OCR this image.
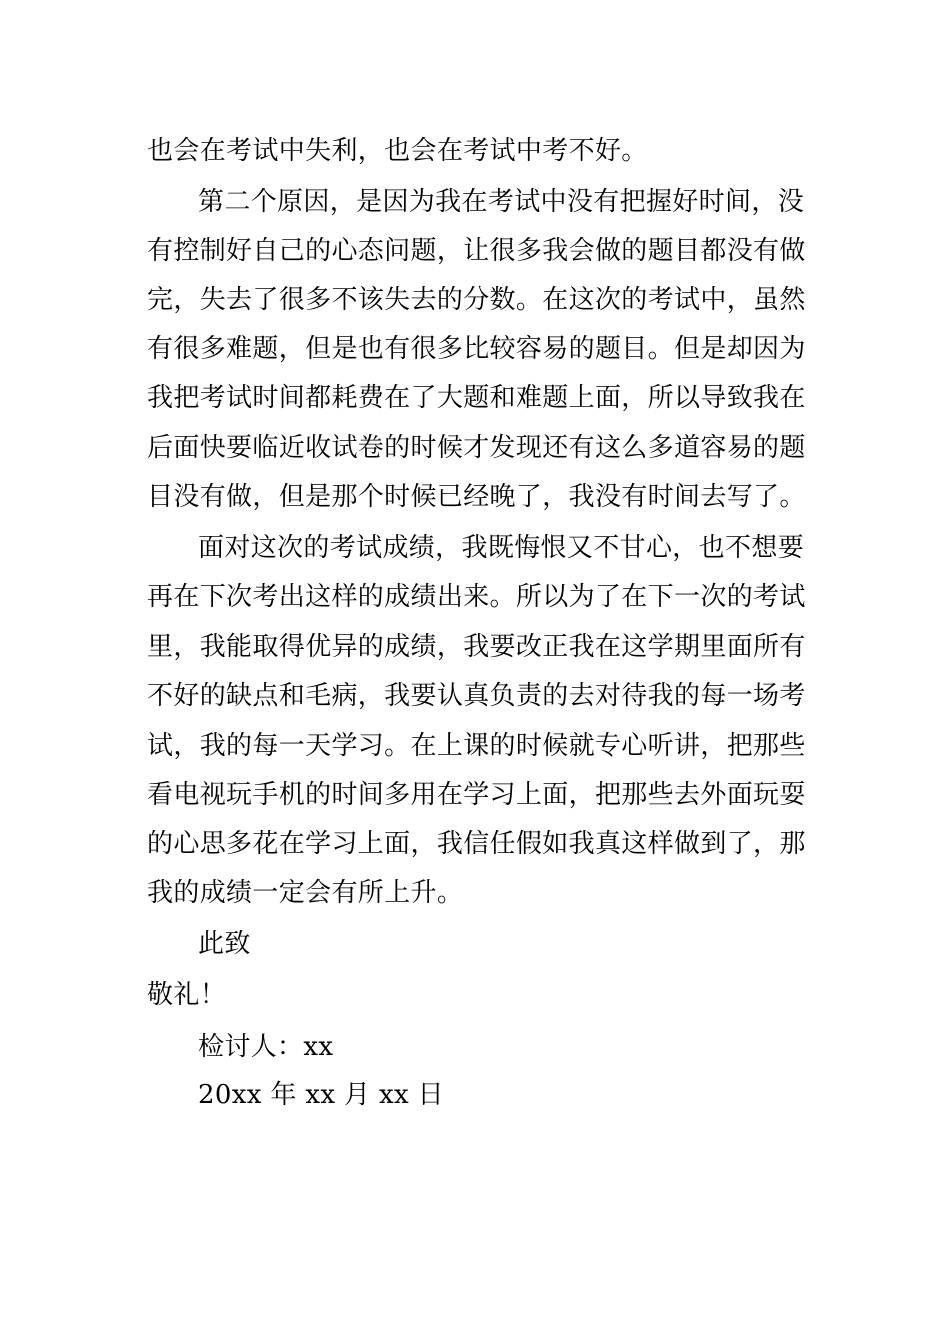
也会在考试中失利，也会在考试中考不好。
第二个原因，是因为我在考试中没有把握好时间，没
有控制好自己的心态问题，让很多我会做的题目都没有做
完，失去了很多不该失去的分数。在这次的考试中，虽然
有很多难题，但是也有很多比较容易的题目。但是却因为
我把考试时间都耗费在了大题和难题上面，所以导致我在
后面快要临近收试卷的时候才发现还有这么多道容易的题
目没有做，但是那个时候已经晚了，我没有时间去写了。
面对这次的考试成绩，我既悔恨又不甘心，也不想要
再在下次考出这样的成绩出来。所以为了在下一次的考试
里，我能取得优异的成绩，我要改正我在这学期里面所有
不好的缺点和毛病，我要认真负责的去对待我的每一场考
试，我的每一天学习。在上课的时候就专心听讲，把那些
看电视玩手机的时间多用在学习上面，把那些去外面玩耍
的心思多花在学习上面，我信任假如我真这样做到了，那
我的成绩一定会有所上升。
此致
敬礼！
检讨人：xx
20xx 年 xx 月 xx 日
